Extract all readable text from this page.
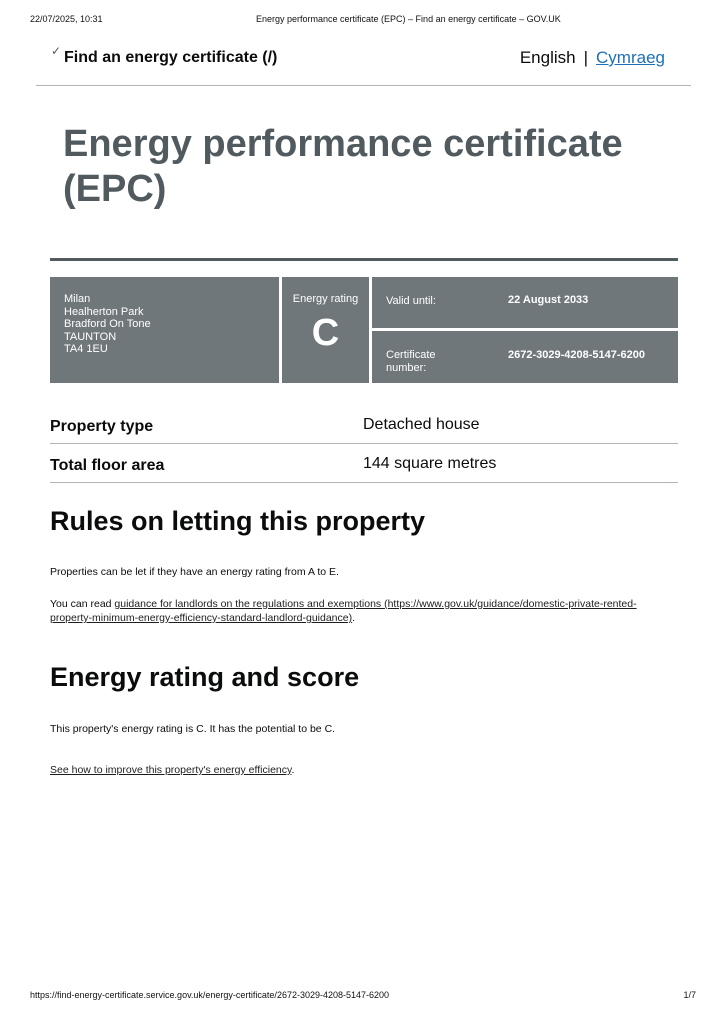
22/07/2025, 10:31	Energy performance certificate (EPC) – Find an energy certificate – GOV.UK
✓ Find an energy certificate (/)	English | Cymraeg
Energy performance certificate (EPC)
Milan
Healherton Park
Bradford On Tone
TAUNTON
TA4 1EU
Energy rating
C
Valid until:	22 August 2033
Certificate number:
2672-3029-4208-5147-6200
Property type	Detached house
Total floor area	144 square metres
Rules on letting this property

Properties can be let if they have an energy rating from A to E.

You can read guidance for landlords on the regulations and exemptions (https://www.gov.uk/guidance/domestic-private-rented-property-minimum-energy-efficiency-standard-landlord-guidance).

Energy rating and score

This property's energy rating is C. It has the potential to be C.

See how to improve this property's energy efficiency.

https://find-energy-certificate.service.gov.uk/energy-certificate/2672-3029-4208-5147-6200	1/7
